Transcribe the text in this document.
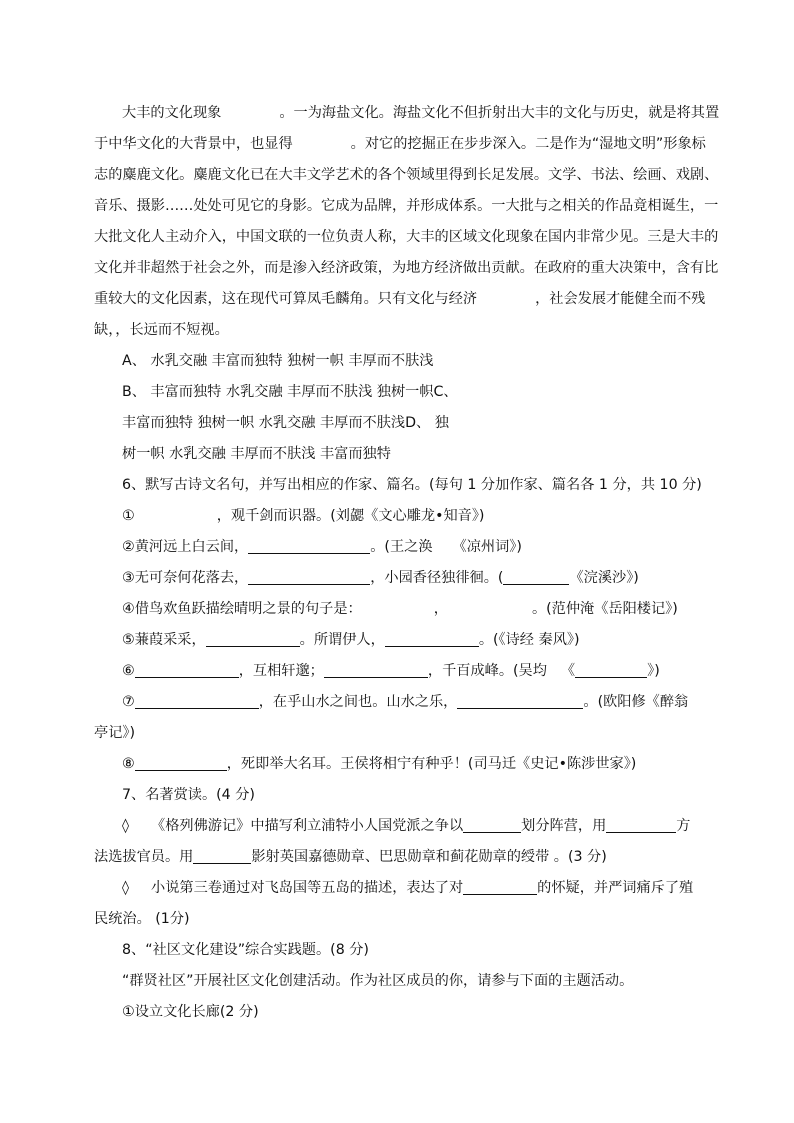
大丰的文化现象	。一为海盐文化。海盐文化不但折射出大丰的文化与历史，就是将其置
于中华文化的大背景中，也显得	。对它的挖掘正在步步深入。二是作为“湿地文明”形象标
志的麋鹿文化。麋鹿文化已在大丰文学艺术的各个领域里得到长足发展。文学、书法、绘画、戏剧、
音乐、摄影……处处可见它的身影。它成为品牌，并形成体系。一大批与之相关的作品竟相诞生，一
大批文化人主动介入，中国文联的一位负责人称，大丰的区域文化现象在国内非常少见。三是大丰的
文化并非超然于社会之外，而是渗入经济政策，为地方经济做出贡献。在政府的重大决策中，含有比
重较大的文化因素，这在现代可算凤毛麟角。只有文化与经济	，社会发展才能健全而不残
缺，，长远而不短视。
A、 水乳交融 丰富而独特 独树一帜 丰厚而不肤浅
B、 丰富而独特 水乳交融 丰厚而不肤浅 独树一帜C、
丰富而独特 独树一帜 水乳交融 丰厚而不肤浅D、 独
树一帜 水乳交融 丰厚而不肤浅 丰富而独特
6、默写古诗文名句，并写出相应的作家、篇名。(每句 1 分加作家、篇名各 1 分，共 10 分)
①	，观千剑而识器。(刘勰《文心雕龙•知音》)
②黄河远上白云间，	。(王之涣 《凉州词》)
③无可奈何花落去，	，小园香径独徘徊。(	《浣溪沙》)
④借鸟欢鱼跃描绘晴明之景的句子是：	，	。(范仲淹《岳阳楼记》)
⑤蒹葭采采，	。所谓伊人，	。(《诗经 秦风》)
⑥	，互相轩邈；	，千百成峰。(吴均 《	》)
⑦	，在乎山水之间也。山水之乐，	。(欧阳修《醉翁
亭记》)
⑧	，死即举大名耳。王侯将相宁有种乎！(司马迁《史记•陈涉世家》)
7、名著赏读。(4 分)
◊ 《格列佛游记》中描写利立浦特小人国党派之争以	划分阵营，用	方
法选拔官员。用	影射英国嘉德勋章、巴思勋章和蓟花勋章的绶带 。(3 分)
◊ 小说第三卷通过对飞岛国等五岛的描述，表达了对	的怀疑，并严词痛斥了殖
民统治。 (1分)
8、“社区文化建设”综合实践题。(8 分)
“群贤社区”开展社区文化创建活动。作为社区成员的你，请参与下面的主题活动。
①设立文化长廊(2 分)
